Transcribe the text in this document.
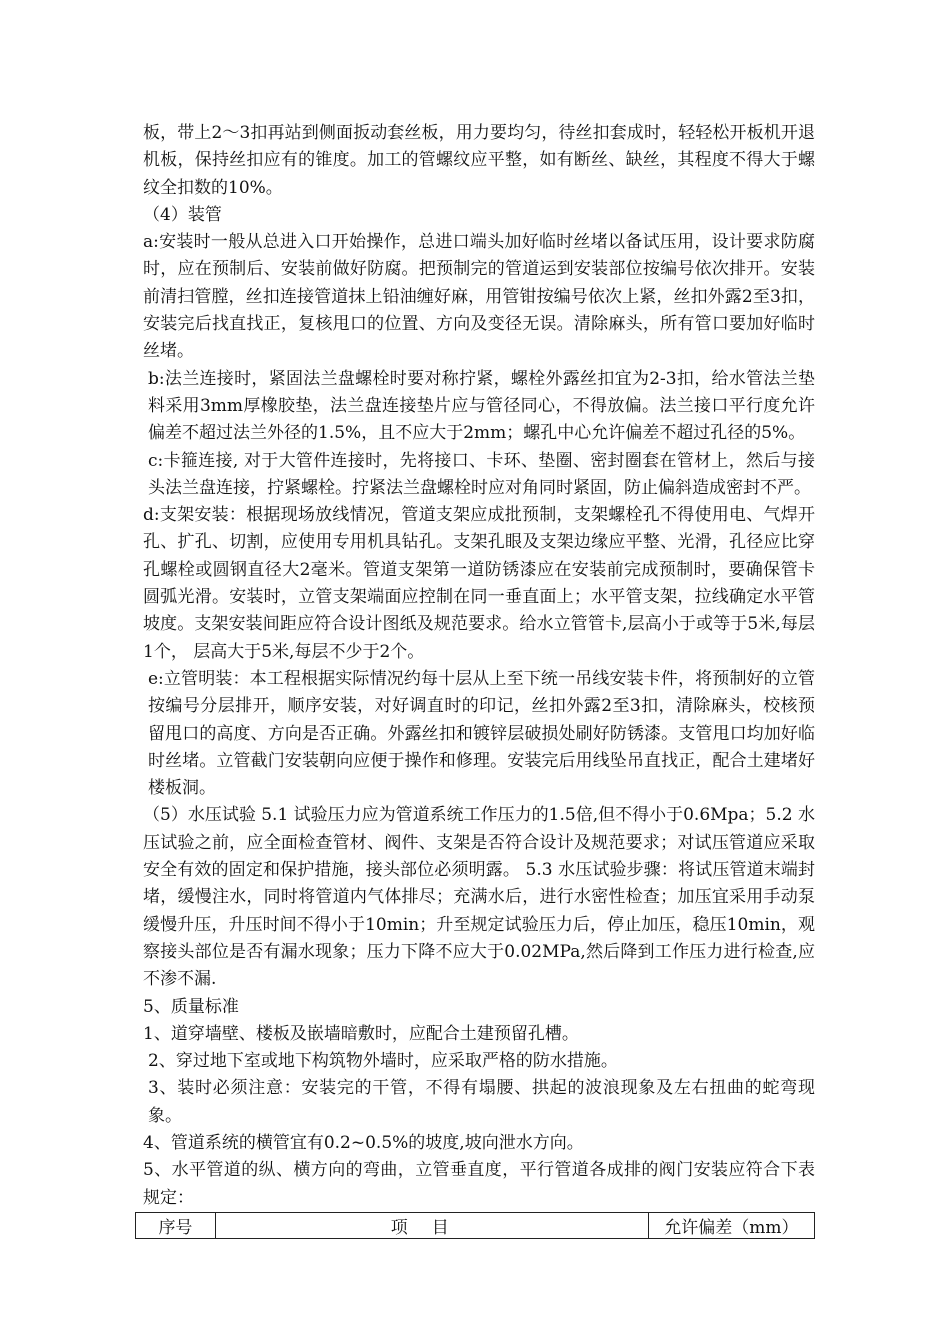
板，带上2～3扣再站到侧面扳动套丝板，用力要均匀，待丝扣套成时，轻轻松开板机开退机板，保持丝扣应有的锥度。加工的管螺纹应平整，如有断丝、缺丝，其程度不得大于螺纹全扣数的10%。

（4）装管

a:安装时一般从总进入口开始操作，总进口端头加好临时丝堵以备试压用，设计要求防腐时，应在预制后、安装前做好防腐。把预制完的管道运到安装部位按编号依次排开。安装前清扫管膛，丝扣连接管道抹上铅油缠好麻，用管钳按编号依次上紧，丝扣外露2至3扣，安装完后找直找正，复核甩口的位置、方向及变径无误。清除麻头，所有管口要加好临时丝堵。

b:法兰连接时，紧固法兰盘螺栓时要对称拧紧，螺栓外露丝扣宜为2-3扣，给水管法兰垫料采用3mm厚橡胶垫，法兰盘连接垫片应与管径同心，不得放偏。法兰接口平行度允许偏差不超过法兰外径的1.5%，且不应大于2mm；螺孔中心允许偏差不超过孔径的5%。

c:卡箍连接, 对于大管件连接时，先将接口、卡环、垫圈、密封圈套在管材上，然后与接头法兰盘连接，拧紧螺栓。拧紧法兰盘螺栓时应对角同时紧固，防止偏斜造成密封不严。

d:支架安装：根据现场放线情况，管道支架应成批预制，支架螺栓孔不得使用电、气焊开孔、扩孔、切割，应使用专用机具钻孔。支架孔眼及支架边缘应平整、光滑，孔径应比穿孔螺栓或圆钢直径大2毫米。管道支架第一道防锈漆应在安装前完成预制时，要确保管卡圆弧光滑。安装时，立管支架端面应控制在同一垂直面上；水平管支架，拉线确定水平管坡度。支架安装间距应符合设计图纸及规范要求。给水立管管卡,层高小于或等于5米,每层1个， 层高大于5米,每层不少于2个。

e:立管明装：本工程根据实际情况约每十层从上至下统一吊线安装卡件，将预制好的立管按编号分层排开，顺序安装，对好调直时的印记，丝扣外露2至3扣，清除麻头，校核预留甩口的高度、方向是否正确。外露丝扣和镀锌层破损处刷好防锈漆。支管甩口均加好临时丝堵。立管截门安装朝向应便于操作和修理。安装完后用线坠吊直找正，配合土建堵好楼板洞。

（5）水压试验 5.1 试验压力应为管道系统工作压力的1.5倍,但不得小于0.6Mpa；5.2 水压试验之前，应全面检查管材、阀件、支架是否符合设计及规范要求；对试压管道应采取安全有效的固定和保护措施，接头部位必须明露。 5.3 水压试验步骤：将试压管道末端封堵，缓慢注水，同时将管道内气体排尽；充满水后，进行水密性检查；加压宜采用手动泵缓慢升压，升压时间不得小于10min；升至规定试验压力后，停止加压，稳压10min，观察接头部位是否有漏水现象；压力下降不应大于0.02MPa,然后降到工作压力进行检查,应不渗不漏.

5、质量标准

1、道穿墙壁、楼板及嵌墙暗敷时，应配合土建预留孔槽。

2、穿过地下室或地下构筑物外墙时，应采取严格的防水措施。

3、装时必须注意：安装完的干管，不得有塌腰、拱起的波浪现象及左右扭曲的蛇弯现象。

4、管道系统的横管宜有0.2~0.5%的坡度,坡向泄水方向。

5、水平管道的纵、横方向的弯曲，立管垂直度，平行管道各成排的阀门安装应符合下表规定：

序号	项目	允许偏差（mm）
